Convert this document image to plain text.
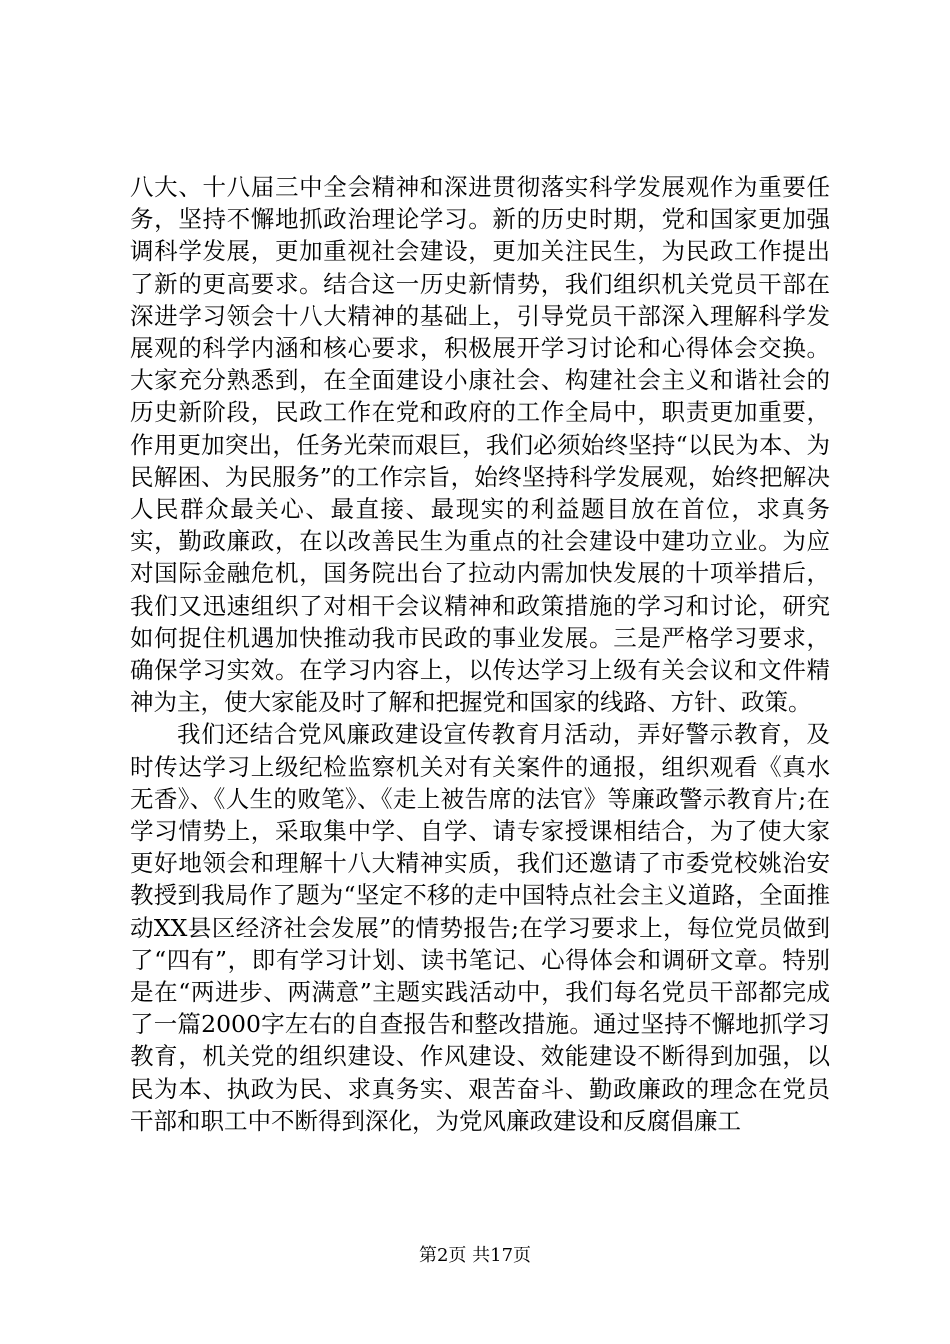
八大、十八届三中全会精神和深进贯彻落实科学发展观作为重要任务，坚持不懈地抓政治理论学习。新的历史时期，党和国家更加强调科学发展，更加重视社会建设，更加关注民生，为民政工作提出了新的更高要求。结合这一历史新情势，我们组织机关党员干部在深进学习领会十八大精神的基础上，引导党员干部深入理解科学发展观的科学内涵和核心要求，积极展开学习讨论和心得体会交换。大家充分熟悉到，在全面建设小康社会、构建社会主义和谐社会的历史新阶段，民政工作在党和政府的工作全局中，职责更加重要，作用更加突出，任务光荣而艰巨，我们必须始终坚持“以民为本、为民解困、为民服务”的工作宗旨，始终坚持科学发展观，始终把解决人民群众最关心、最直接、最现实的利益题目放在首位，求真务实，勤政廉政，在以改善民生为重点的社会建设中建功立业。为应对国际金融危机，国务院出台了拉动内需加快发展的十项举措后，我们又迅速组织了对相干会议精神和政策措施的学习和讨论，研究如何捉住机遇加快推动我市民政的事业发展。三是严格学习要求，确保学习实效。在学习内容上，以传达学习上级有关会议和文件精神为主，使大家能及时了解和把握党和国家的线路、方针、政策。

我们还结合党风廉政建设宣传教育月活动，弄好警示教育，及时传达学习上级纪检监察机关对有关案件的通报，组织观看《真水无香》、《人生的败笔》、《走上被告席的法官》等廉政警示教育片;在学习情势上，采取集中学、自学、请专家授课相结合，为了使大家更好地领会和理解十八大精神实质，我们还邀请了市委党校姚治安教授到我局作了题为“坚定不移的走中国特点社会主义道路，全面推动XX县区经济社会发展”的情势报告;在学习要求上，每位党员做到了“四有”，即有学习计划、读书笔记、心得体会和调研文章。特别是在“两进步、两满意”主题实践活动中，我们每名党员干部都完成了一篇2000字左右的自查报告和整改措施。通过坚持不懈地抓学习教育，机关党的组织建设、作风建设、效能建设不断得到加强，以民为本、执政为民、求真务实、艰苦奋斗、勤政廉政的理念在党员干部和职工中不断得到深化，为党风廉政建设和反腐倡廉工

第2页 共17页
